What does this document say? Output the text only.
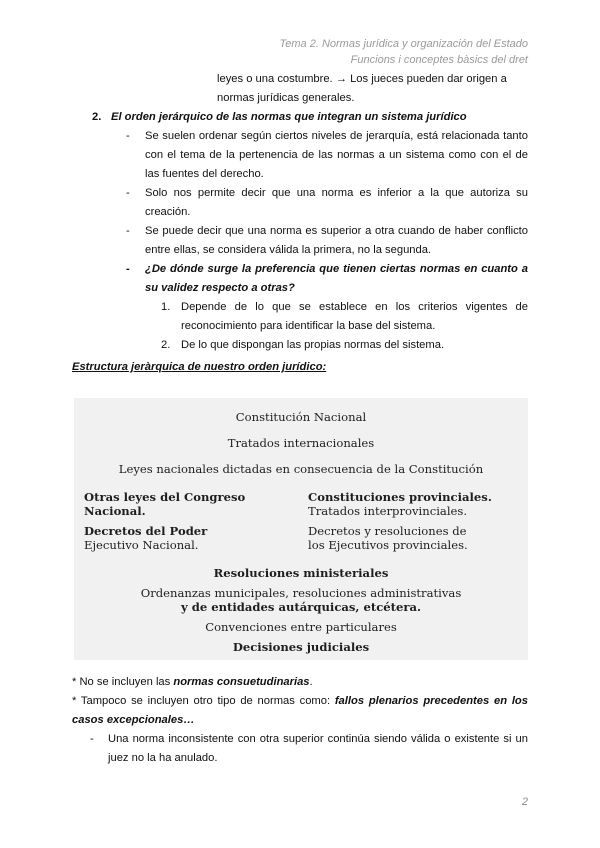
Tema 2. Normas jurídica y organización del Estado
Funcions i conceptes bàsics del dret
leyes o una costumbre. → Los jueces pueden dar origen a
normas jurídicas generales.
2. El orden jerárquico de las normas que integran un sistema jurídico
- Se suelen ordenar según ciertos niveles de jerarquía, está relacionada tanto con el tema de la pertenencia de las normas a un sistema como con el de las fuentes del derecho.
- Solo nos permite decir que una norma es inferior a la que autoriza su creación.
- Se puede decir que una norma es superior a otra cuando de haber conflicto entre ellas, se considera válida la primera, no la segunda.
- ¿De dónde surge la preferencia que tienen ciertas normas en cuanto a su validez respecto a otras?
1. Depende de lo que se establece en los criterios vigentes de reconocimiento para identificar la base del sistema.
2. De lo que dispongan las propias normas del sistema.
Estructura jeràrquica de nuestro orden jurídico:
Constitución Nacional
Tratados internacionales
Leyes nacionales dictadas en consecuencia de la Constitución
Otras leyes del Congreso
Nacional.
Decretos del Poder
Ejecutivo Nacional.
Constituciones provinciales.
Tratados interprovinciales.
Decretos y resoluciones de
los Ejecutivos provinciales.
Resoluciones ministeriales
Ordenanzas municipales, resoluciones administrativas
y de entidades autárquicas, etcétera.
Convenciones entre particulares
Decisiones judiciales
* No se incluyen las normas consuetudinarias.
* Tampoco se incluyen otro tipo de normas como: fallos plenarios precedentes en los casos excepcionales…
- Una norma inconsistente con otra superior continúa siendo válida o existente si un juez no la ha anulado.
2
